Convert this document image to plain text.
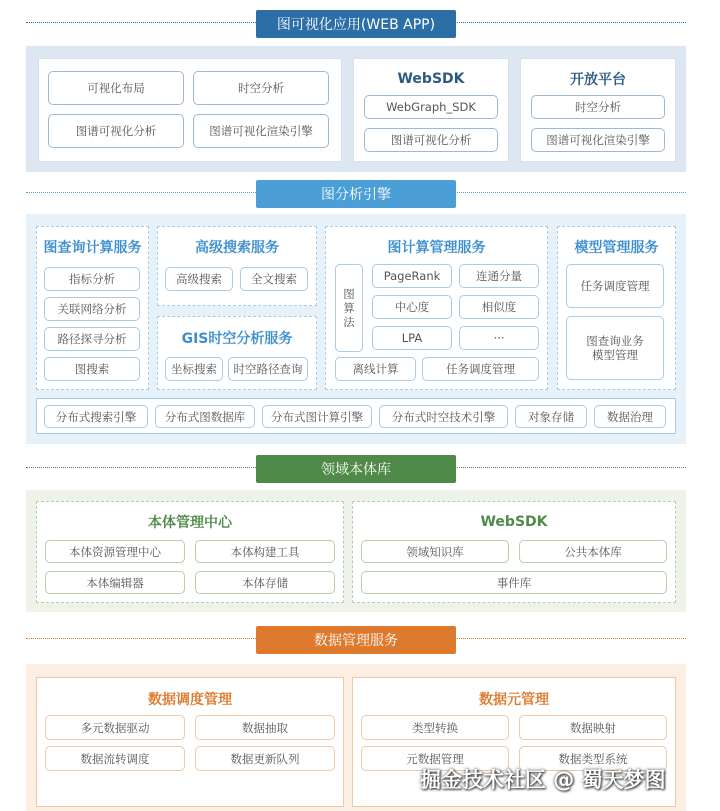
图可视化应用(WEB APP)
可视化布局	时空分析
图谱可视化分析	图谱可视化渲染引擎
WebSDK
WebGraph_SDK
图谱可视化分析
开放平台
时空分析
图谱可视化渲染引擎
图分析引擎
图查询计算服务
指标分析
关联网络分析
路径探寻分析
图搜索
高级搜索服务
高级搜索	全文搜索
GIS时空分析服务
坐标搜索	时空路径查询
图计算管理服务
图
算
法
PageRank	连通分量
中心度	相似度
LPA	···
离线计算	任务调度管理
模型管理服务
任务调度管理
图查询业务
模型管理
分布式搜索引擎	分布式图数据库	分布式图计算引擎	分布式时空技术引擎	对象存储	数据治理
领域本体库
本体管理中心
本体资源管理中心	本体构建工具
本体编辑器	本体存储
WebSDK
领域知识库	公共本体库
事件库
数据管理服务
数据调度管理
多元数据驱动	数据抽取
数据流转调度	数据更新队列
数据元管理
类型转换	数据映射
元数据管理	数据类型系统
掘金技术社区 @ 蜀天梦图
